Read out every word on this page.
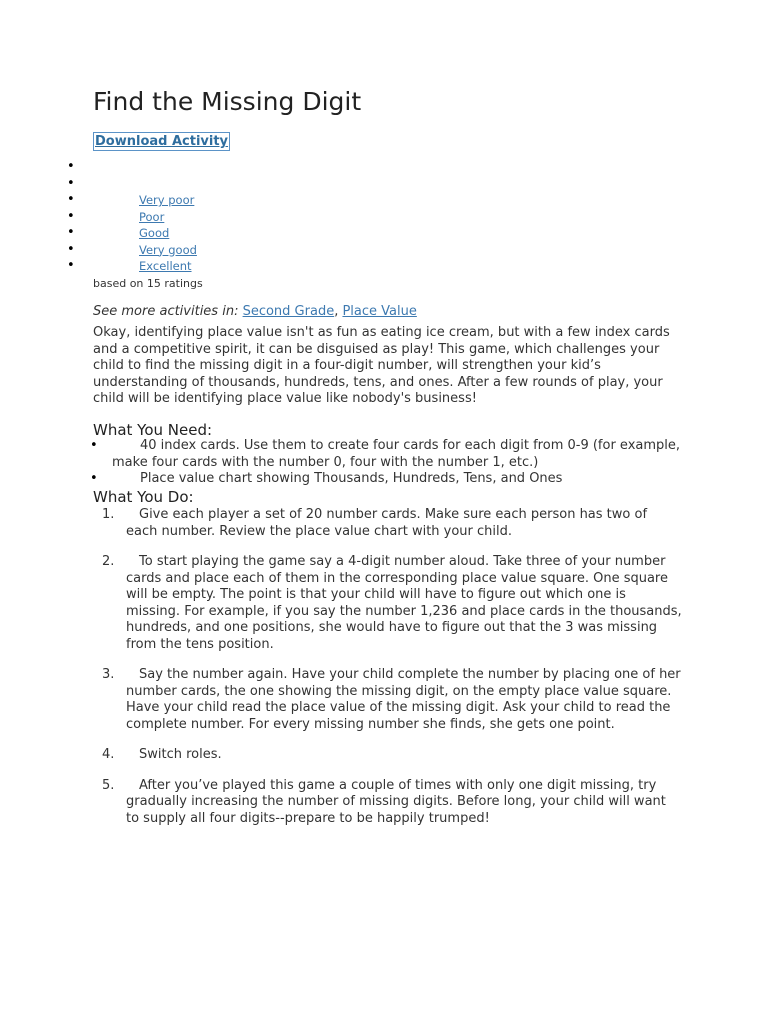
Find the Missing Digit
Download Activity
•
•
•	Very poor
•	Poor
•	Good
•	Very good
•	Excellent
based on 15 ratings
See more activities in: Second Grade, Place Value

Okay, identifying place value isn't as fun as eating ice cream, but with a few index cards and a competitive spirit, it can be disguised as play! This game, which challenges your child to find the missing digit in a four-digit number, will strengthen your kid’s understanding of thousands, hundreds, tens, and ones. After a few rounds of play, your child will be identifying place value like nobody's business!

What You Need:
•	40 index cards. Use them to create four cards for each digit from 0-9 (for example, make four cards with the number 0, four with the number 1, etc.)
•	Place value chart showing Thousands, Hundreds, Tens, and Ones
What You Do:
1. Give each player a set of 20 number cards. Make sure each person has two of each number. Review the place value chart with your child.
2. To start playing the game say a 4-digit number aloud. Take three of your number cards and place each of them in the corresponding place value square. One square will be empty. The point is that your child will have to figure out which one is missing. For example, if you say the number 1,236 and place cards in the thousands, hundreds, and one positions, she would have to figure out that the 3 was missing from the tens position.
3. Say the number again. Have your child complete the number by placing one of her number cards, the one showing the missing digit, on the empty place value square. Have your child read the place value of the missing digit. Ask your child to read the complete number. For every missing number she finds, she gets one point.
4. Switch roles.
5. After you’ve played this game a couple of times with only one digit missing, try gradually increasing the number of missing digits. Before long, your child will want to supply all four digits--prepare to be happily trumped!
